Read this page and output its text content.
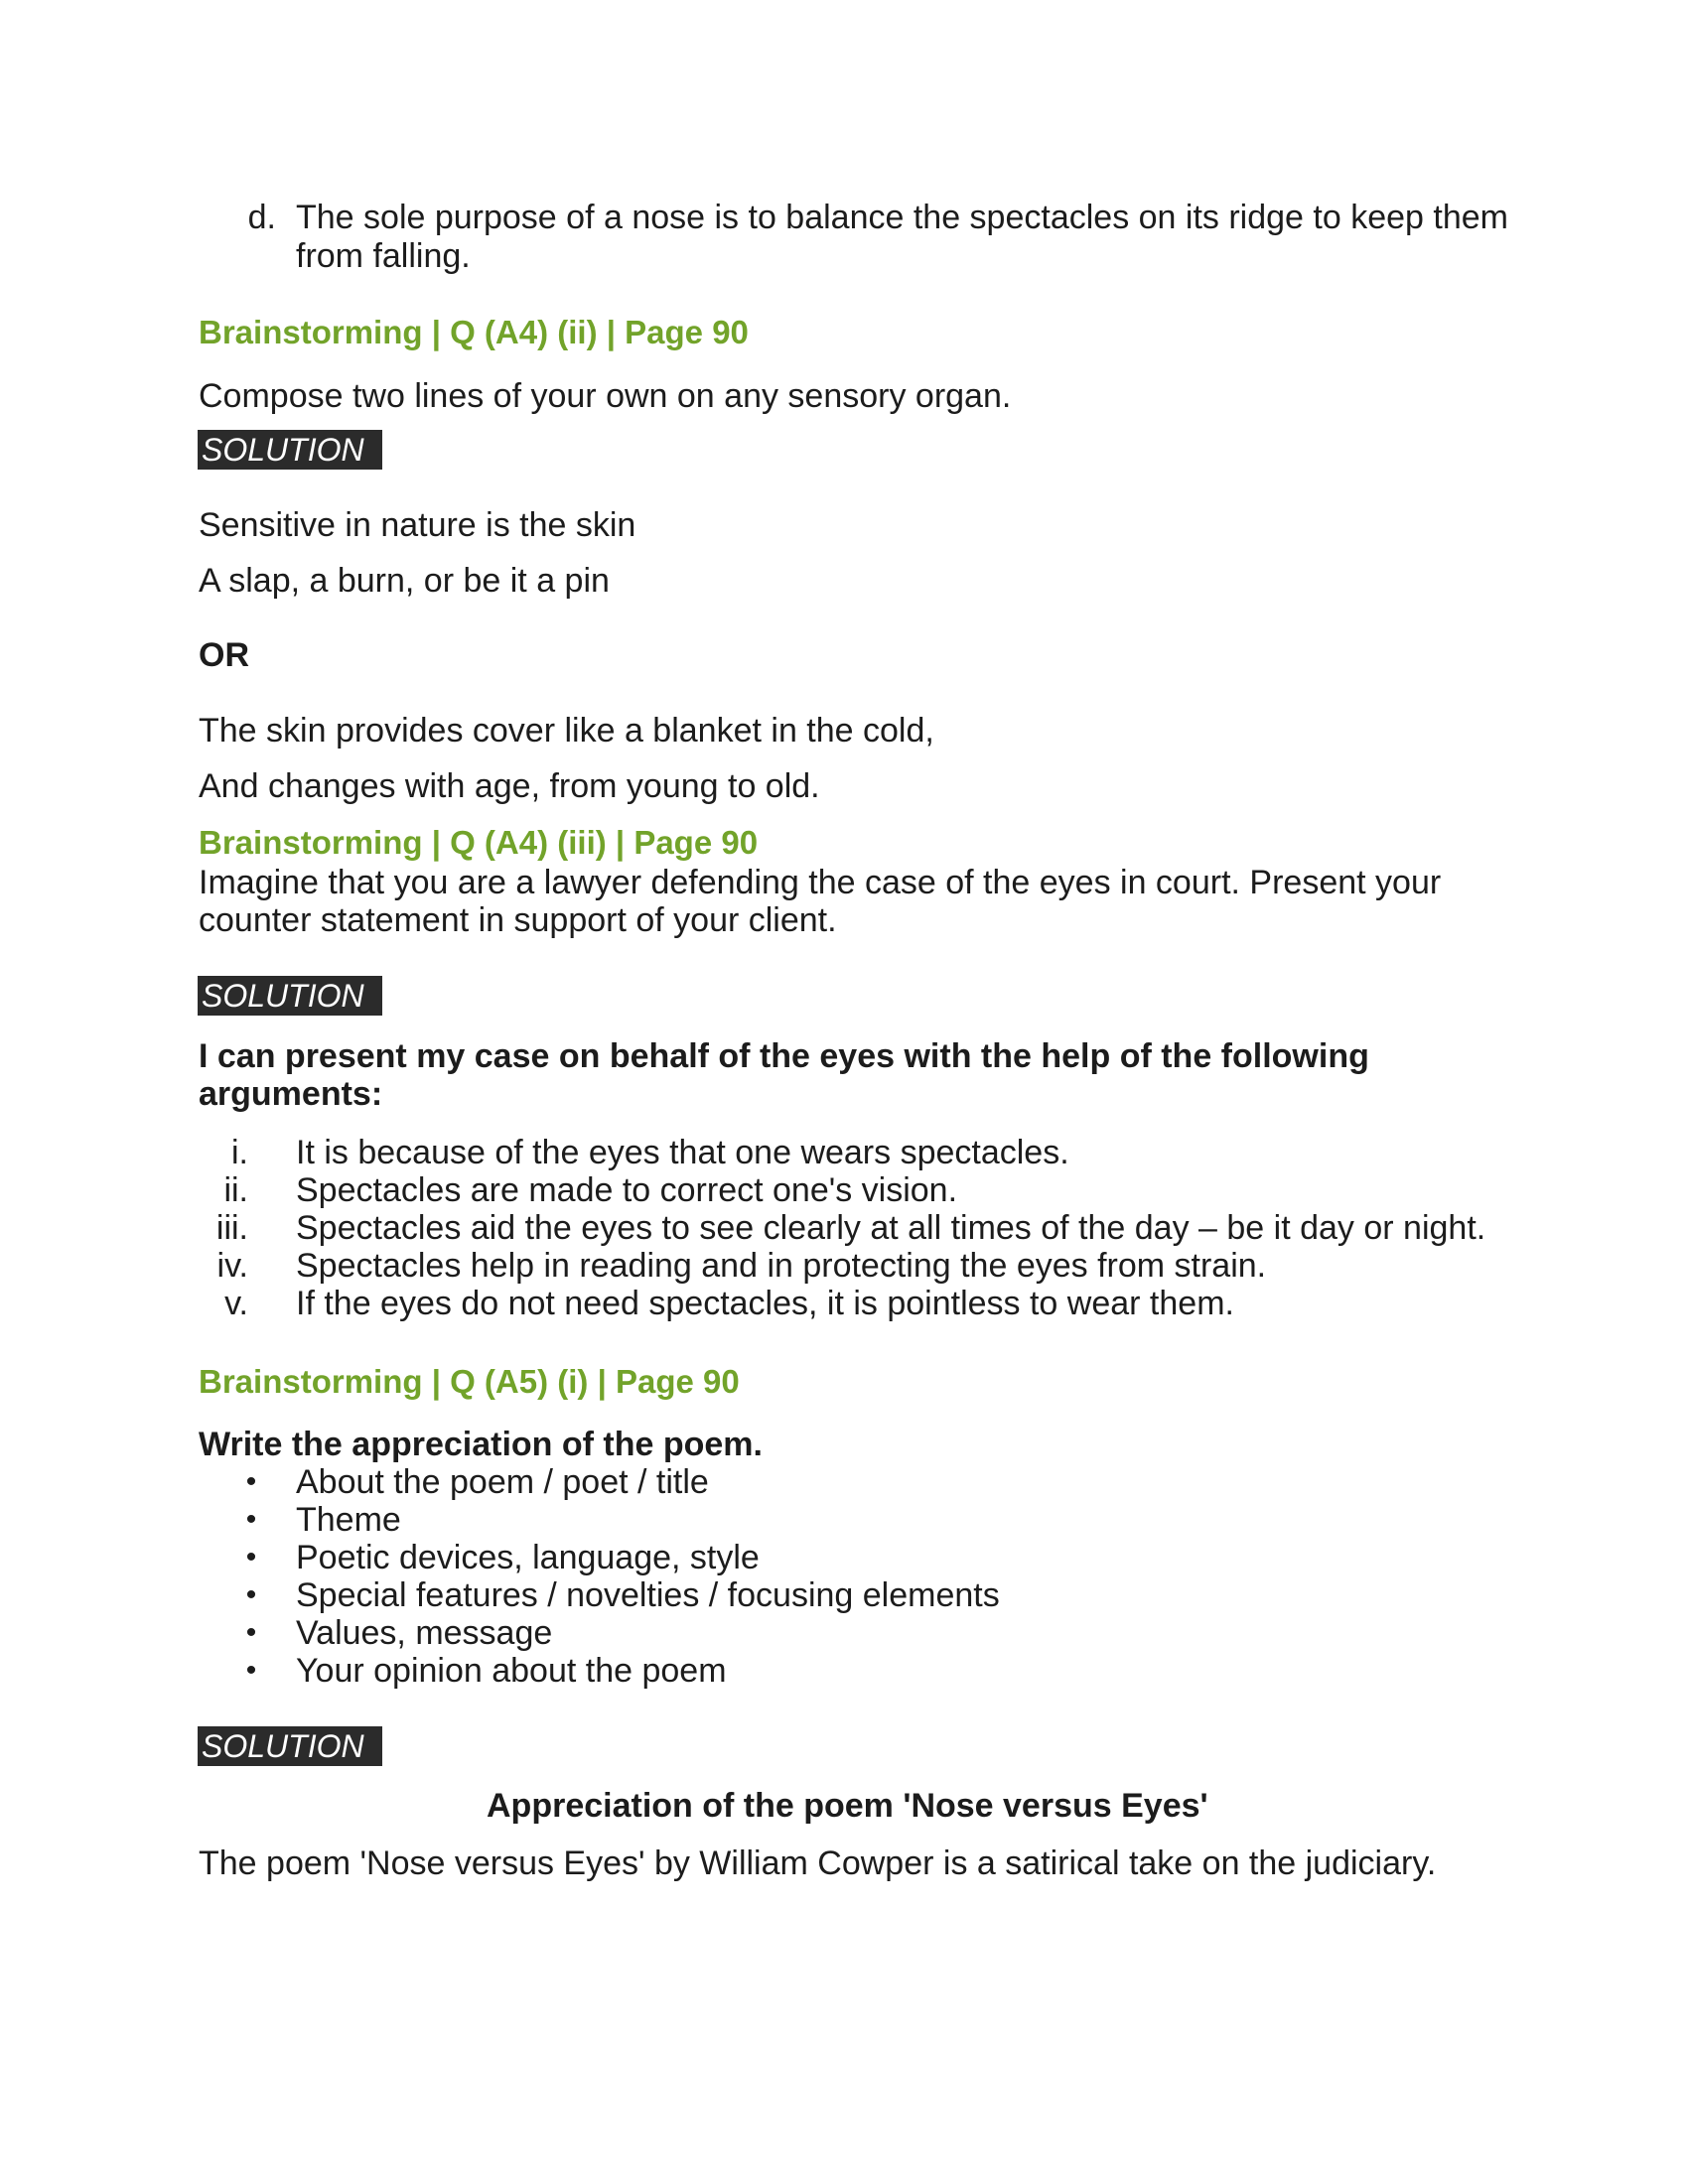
d. The sole purpose of a nose is to balance the spectacles on its ridge to keep them
from falling.
Brainstorming | Q (A4) (ii) | Page 90
Compose two lines of your own on any sensory organ.
SOLUTION
Sensitive in nature is the skin
A slap, a burn, or be it a pin
OR
The skin provides cover like a blanket in the cold,
And changes with age, from young to old.
Brainstorming | Q (A4) (iii) | Page 90
Imagine that you are a lawyer defending the case of the eyes in court. Present your
counter statement in support of your client.
SOLUTION
I can present my case on behalf of the eyes with the help of the following
arguments:
i. It is because of the eyes that one wears spectacles.
ii. Spectacles are made to correct one's vision.
iii. Spectacles aid the eyes to see clearly at all times of the day – be it day or night.
iv. Spectacles help in reading and in protecting the eyes from strain.
v. If the eyes do not need spectacles, it is pointless to wear them.
Brainstorming | Q (A5) (i) | Page 90
Write the appreciation of the poem.
•	About the poem / poet / title
•	Theme
•	Poetic devices, language, style
•	Special features / novelties / focusing elements
•	Values, message
•	Your opinion about the poem
SOLUTION
Appreciation of the poem 'Nose versus Eyes'
The poem 'Nose versus Eyes' by William Cowper is a satirical take on the judiciary.
